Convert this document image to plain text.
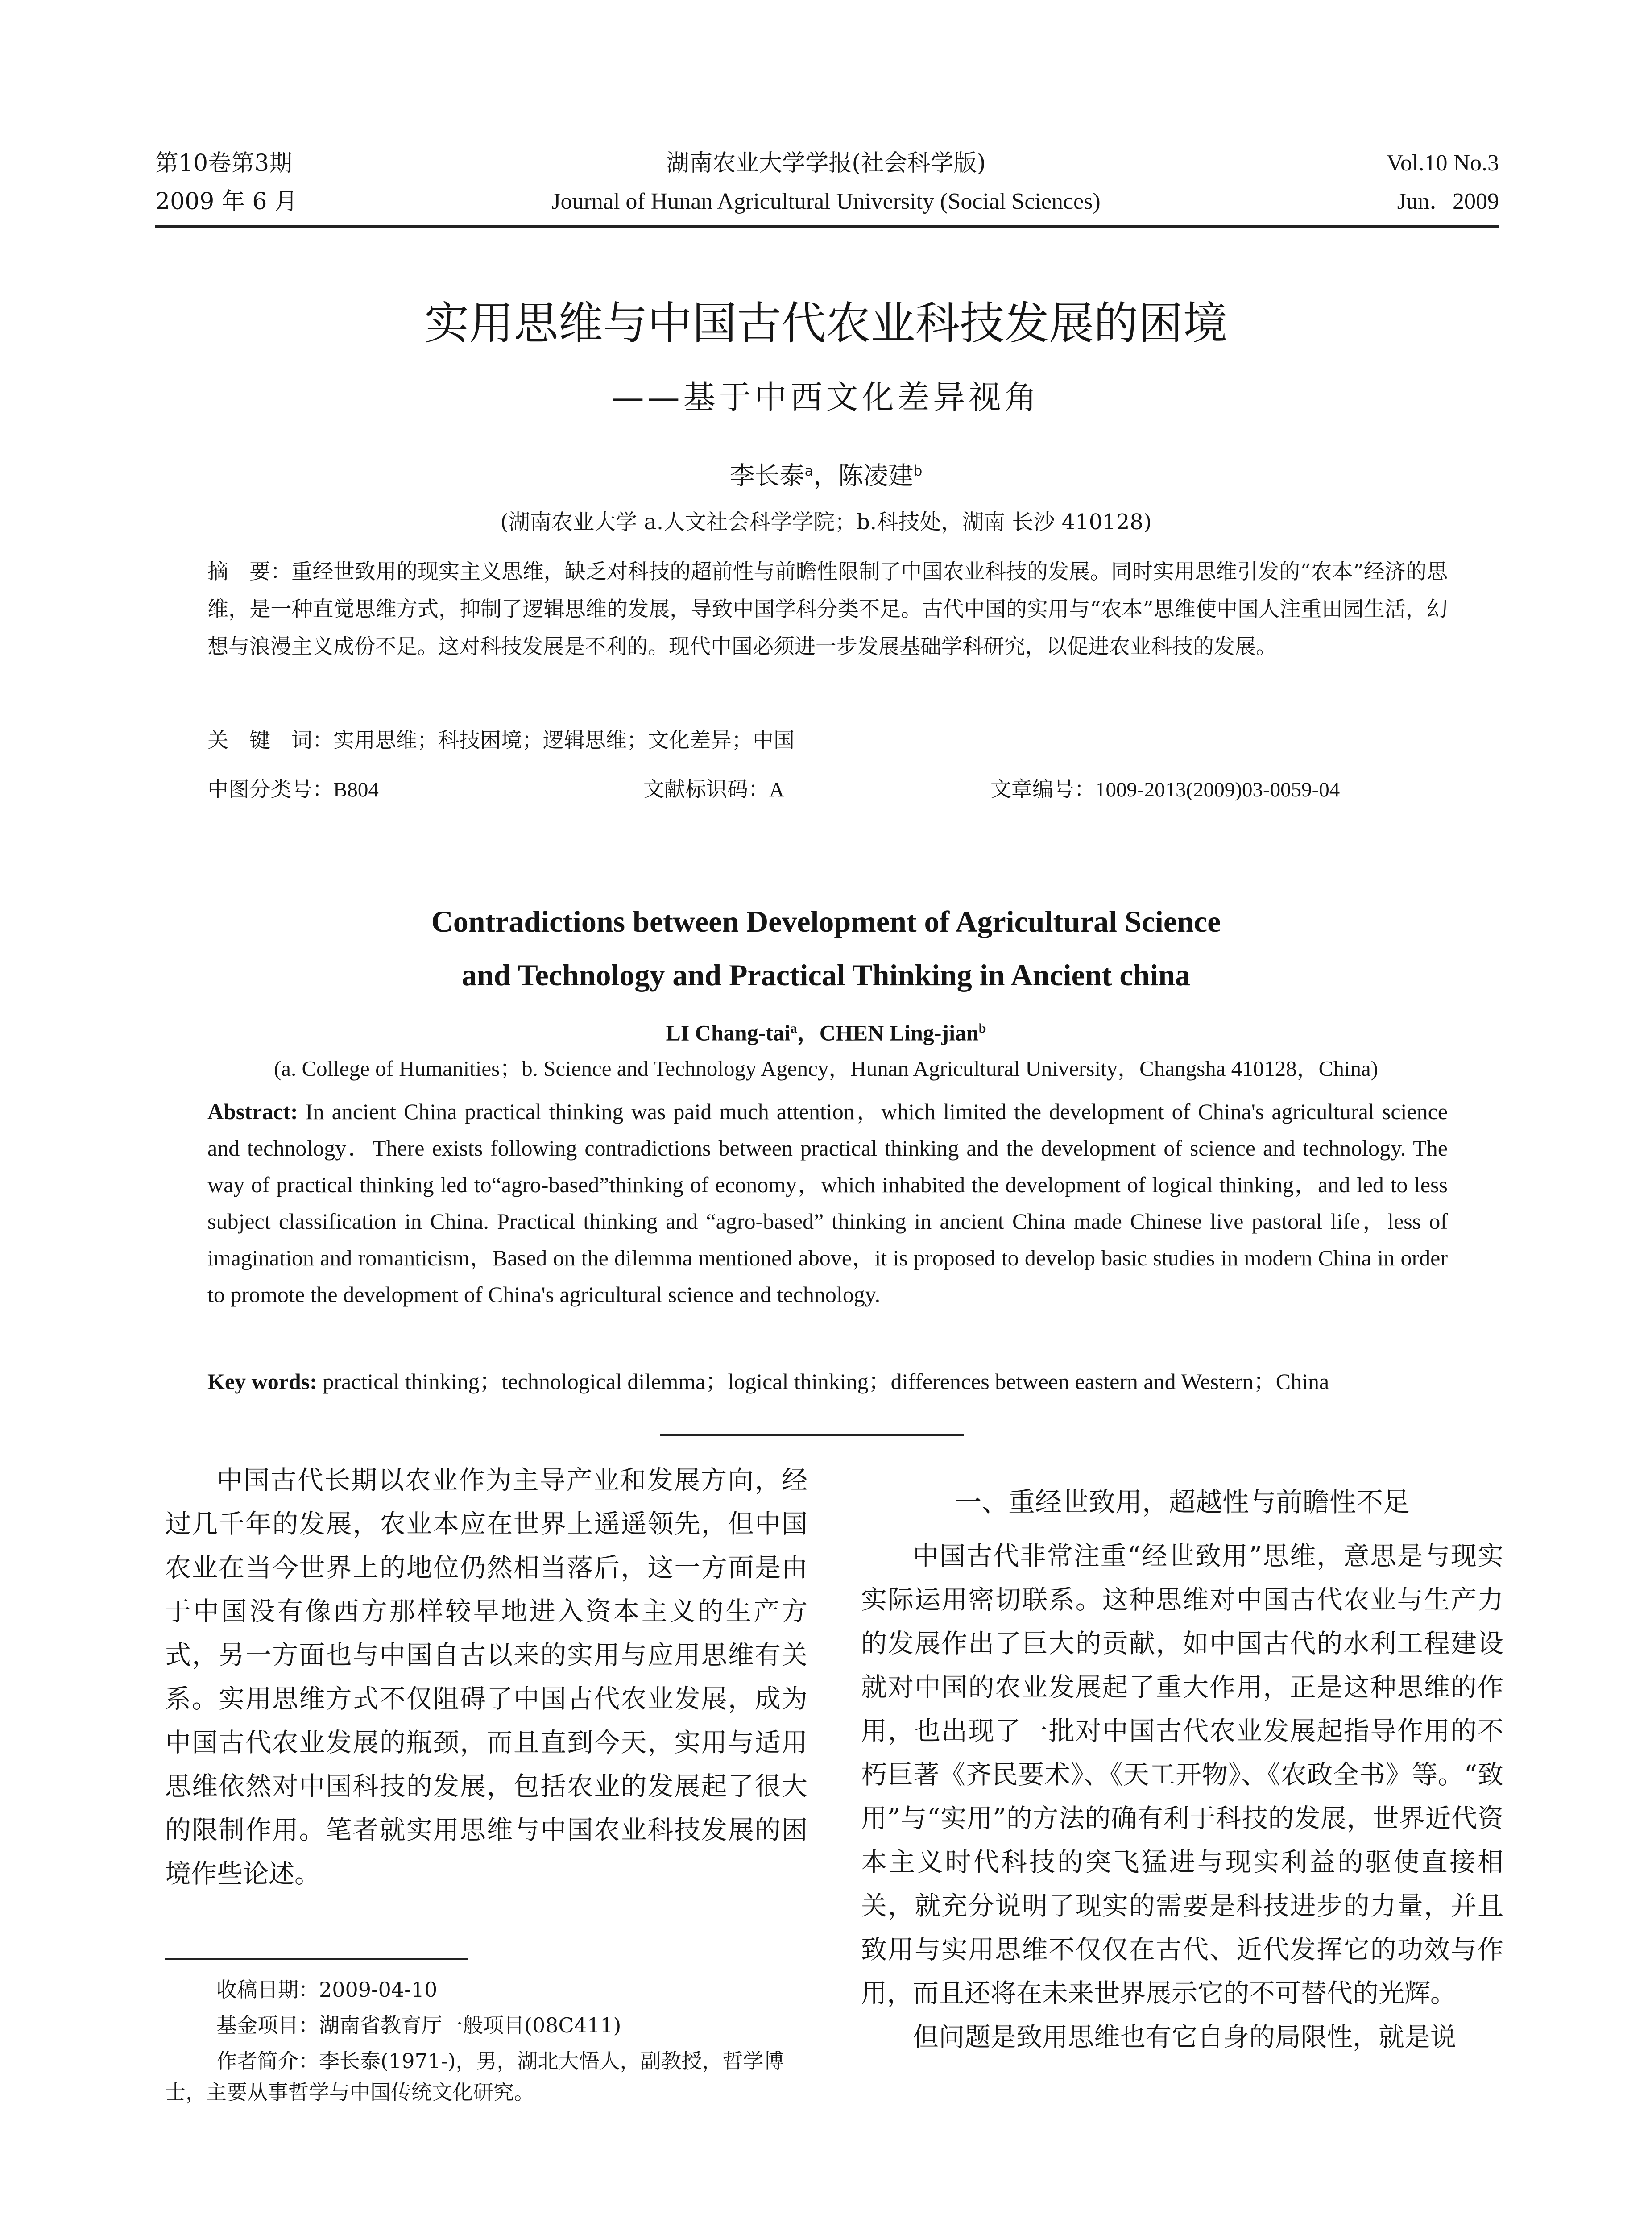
第10卷第3期
2009 年 6 月
湖南农业大学学报(社会科学版)
Journal of Hunan Agricultural University (Social Sciences)
Vol.10 No.3
Jun．2009
实用思维与中国古代农业科技发展的困境
——基于中西文化差异视角
李长泰$^a$，陈凌建$^b$
(湖南农业大学 a.人文社会科学学院；b.科技处，湖南 长沙 410128)
摘　要：重经世致用的现实主义思维，缺乏对科技的超前性与前瞻性限制了中国农业科技的发展。同时实用思维引发的“农本”经济的思维，是一种直觉思维方式，抑制了逻辑思维的发展，导致中国学科分类不足。古代中国的实用与“农本”思维使中国人注重田园生活，幻想与浪漫主义成份不足。这对科技发展是不利的。现代中国必须进一步发展基础学科研究，以促进农业科技的发展。
关　键　词：实用思维；科技困境；逻辑思维；文化差异；中国
中图分类号：B804	文献标识码：A	文章编号：1009-2013(2009)03-0059-04
Contradictions between Development of Agricultural Science
and Technology and Practical Thinking in Ancient china
LI Chang-tai$^a$，CHEN Ling-jian$^b$
(a. College of Humanities；b. Science and Technology Agency，Hunan Agricultural University，Changsha 410128，China)
Abstract: In ancient China practical thinking was paid much attention，which limited the development of China's agricultural science and technology．There exists following contradictions between practical thinking and the development of science and technology. The way of practical thinking led to“agro-based”thinking of economy，which inhabited the development of logical thinking，and led to less subject classification in China. Practical thinking and “agro-based” thinking in ancient China made Chinese live pastoral life，less of imagination and romanticism，Based on the dilemma mentioned above，it is proposed to develop basic studies in modern China in order to promote the development of China's agricultural science and technology.
Key words: practical thinking；technological dilemma；logical thinking；differences between eastern and Western；China

中国古代长期以农业作为主导产业和发展方向，经过几千年的发展，农业本应在世界上遥遥领先，但中国农业在当今世界上的地位仍然相当落后，这一方面是由于中国没有像西方那样较早地进入资本主义的生产方式，另一方面也与中国自古以来的实用与应用思维有关系。实用思维方式不仅阻碍了中国古代农业发展，成为中国古代农业发展的瓶颈，而且直到今天，实用与适用思维依然对中国科技的发展，包括农业的发展起了很大的限制作用。笔者就实用思维与中国农业科技发展的困境作些论述。

一、重经世致用，超越性与前瞻性不足

中国古代非常注重“经世致用”思维，意思是与现实实际运用密切联系。这种思维对中国古代农业与生产力的发展作出了巨大的贡献，如中国古代的水利工程建设就对中国的农业发展起了重大作用，正是这种思维的作用，也出现了一批对中国古代农业发展起指导作用的不朽巨著《齐民要术》、《天工开物》、《农政全书》等。“致用”与“实用”的方法的确有利于科技的发展，世界近代资本主义时代科技的突飞猛进与现实利益的驱使直接相关，就充分说明了现实的需要是科技进步的力量，并且致用与实用思维不仅仅在古代、近代发挥它的功效与作用，而且还将在未来世界展示它的不可替代的光辉。

但问题是致用思维也有它自身的局限性，就是说

收稿日期：2009-04-10
基金项目：湖南省教育厅一般项目(08C411)
作者简介：李长泰(1971-)，男，湖北大悟人，副教授，哲学博士，主要从事哲学与中国传统文化研究。
